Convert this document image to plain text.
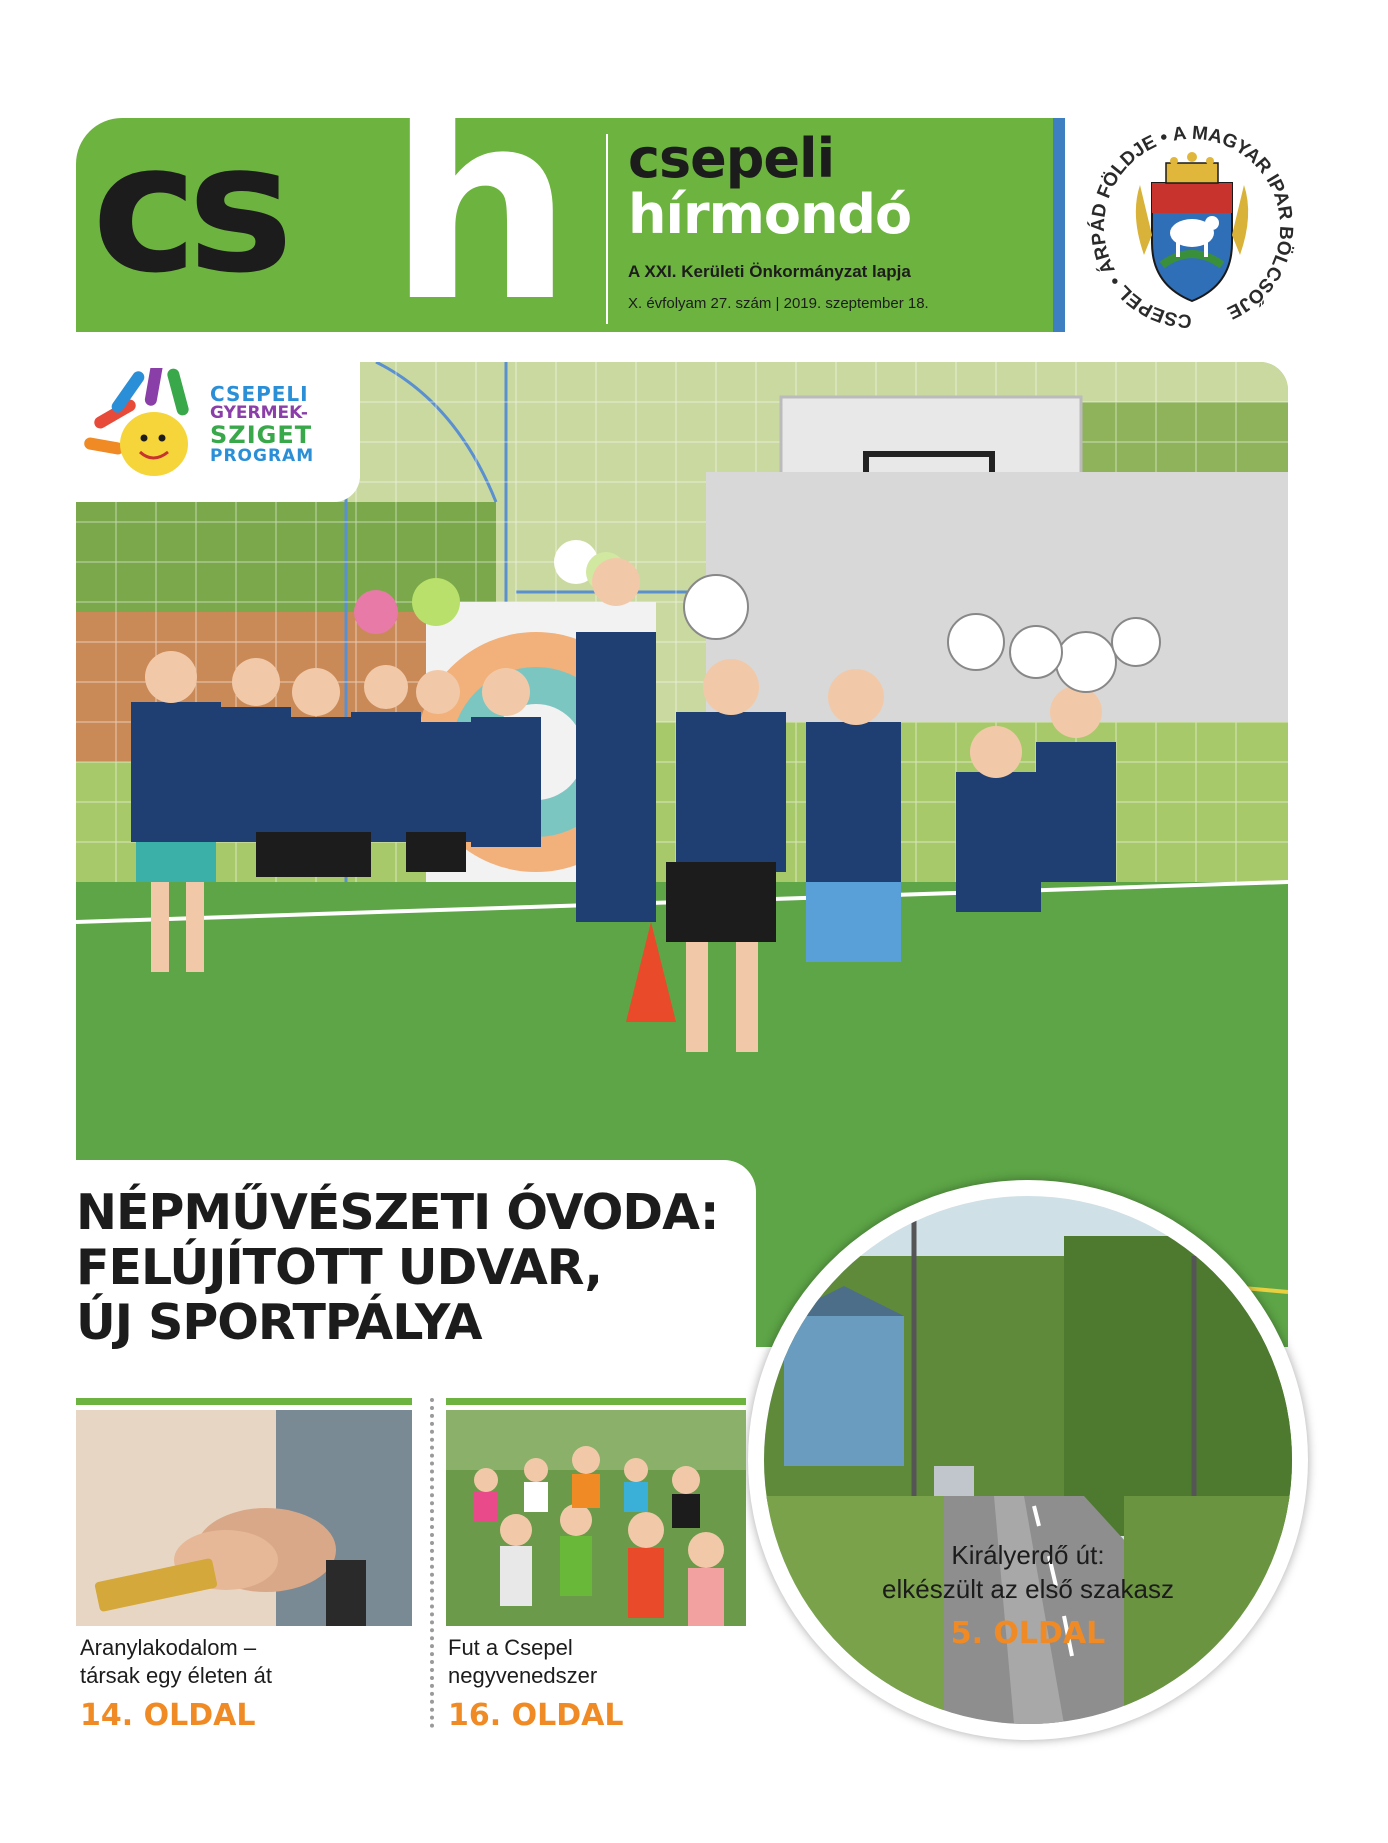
cs h csepeli
hírmondó
A XXI. Kerületi Önkormányzat lapja
X. évfolyam 27. szám | 2019. szeptember 18.
CSEPEL • ÁRPÁD FÖLDJE • A MAGYAR IPAR BÖLCSŐJE
CSEPELI
GYERMEK-
SZIGET
PROGRAM
NÉPMŰVÉSZETI ÓVODA:
FELÚJÍTOTT UDVAR,
ÚJ SPORTPÁLYA
Királyerdő út:
elkészült az első szakasz
5. OLDAL
Aranylakodalom –
társak egy életen át
14. OLDAL
Fut a Csepel
negyvenedszer
16. OLDAL
